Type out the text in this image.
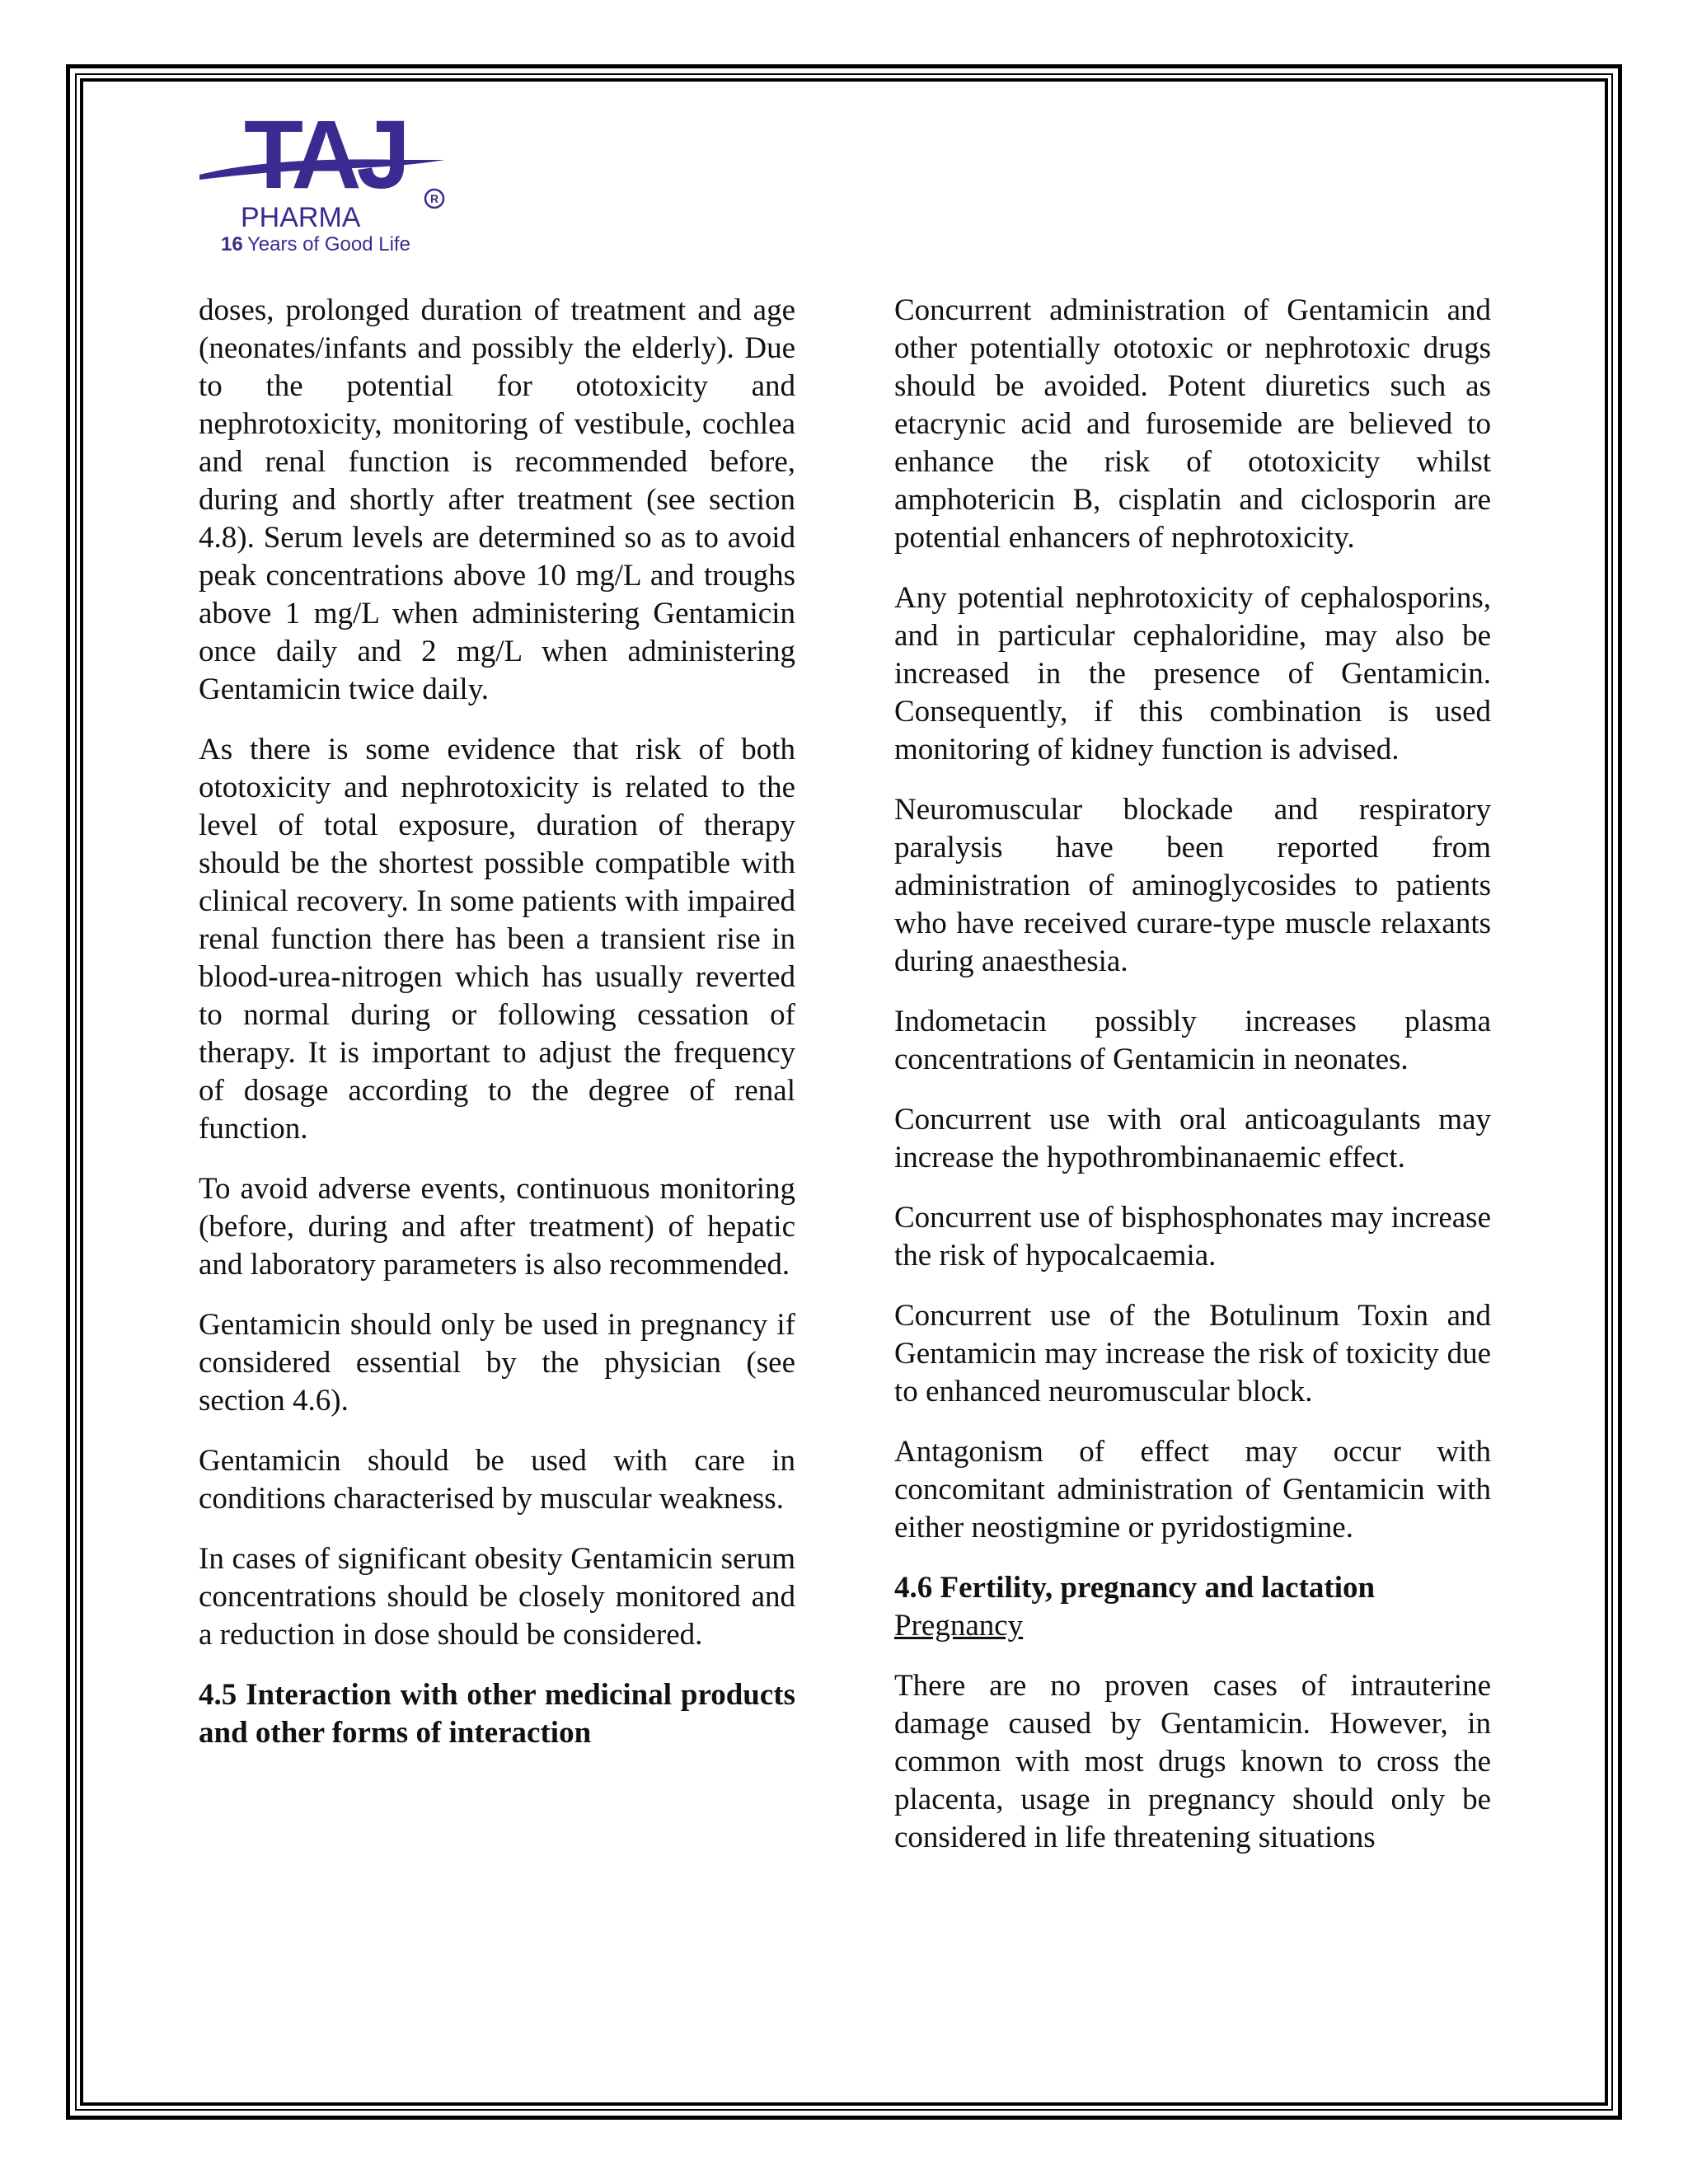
TAJ R
PHARMA
16 Years of Good Life

doses, prolonged duration of treatment and age (neonates/infants and possibly the elderly). Due to the potential for ototoxicity and nephrotoxicity, monitoring of vestibule, cochlea and renal function is recommended before, during and shortly after treatment (see section 4.8). Serum levels are determined so as to avoid peak concentrations above 10 mg/L and troughs above 1 mg/L when administering Gentamicin once daily and 2 mg/L when administering Gentamicin twice daily.

As there is some evidence that risk of both ototoxicity and nephrotoxicity is related to the level of total exposure, duration of therapy should be the shortest possible compatible with clinical recovery. In some patients with impaired renal function there has been a transient rise in blood-urea-nitrogen which has usually reverted to normal during or following cessation of therapy. It is important to adjust the frequency of dosage according to the degree of renal function.

To avoid adverse events, continuous monitoring (before, during and after treatment) of hepatic and laboratory parameters is also recommended.

Gentamicin should only be used in pregnancy if considered essential by the physician (see section 4.6).

Gentamicin should be used with care in conditions characterised by muscular weakness.

In cases of significant obesity Gentamicin serum concentrations should be closely monitored and a reduction in dose should be considered.

4.5 Interaction with other medicinal products and other forms of interaction

Concurrent administration of Gentamicin and other potentially ototoxic or nephrotoxic drugs should be avoided. Potent diuretics such as etacrynic acid and furosemide are believed to enhance the risk of ototoxicity whilst amphotericin B, cisplatin and ciclosporin are potential enhancers of nephrotoxicity.

Any potential nephrotoxicity of cephalosporins, and in particular cephaloridine, may also be increased in the presence of Gentamicin. Consequently, if this combination is used monitoring of kidney function is advised.

Neuromuscular blockade and respiratory paralysis have been reported from administration of aminoglycosides to patients who have received curare-type muscle relaxants during anaesthesia.

Indometacin possibly increases plasma concentrations of Gentamicin in neonates.

Concurrent use with oral anticoagulants may increase the hypothrombinanaemic effect.

Concurrent use of bisphosphonates may increase the risk of hypocalcaemia.

Concurrent use of the Botulinum Toxin and Gentamicin may increase the risk of toxicity due to enhanced neuromuscular block.

Antagonism of effect may occur with concomitant administration of Gentamicin with either neostigmine or pyridostigmine.

4.6 Fertility, pregnancy and lactation
Pregnancy

There are no proven cases of intrauterine damage caused by Gentamicin. However, in common with most drugs known to cross the placenta, usage in pregnancy should only be considered in life threatening situations
